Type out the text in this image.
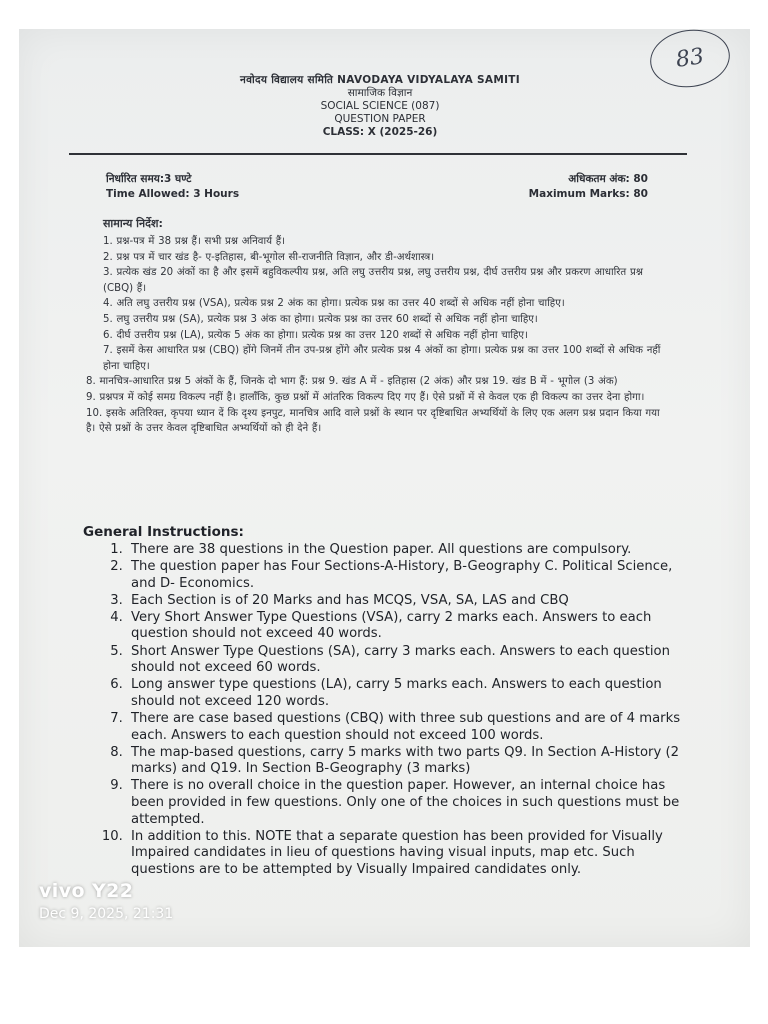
83
नवोदय विद्यालय समिति NAVODAYA VIDYALAYA SAMITI
सामाजिक विज्ञान
SOCIAL SCIENCE (087)
QUESTION PAPER
CLASS: X (2025-26)
निर्धारित समय:3 घण्टे
Time Allowed: 3 Hours
अधिकतम अंक: 80
Maximum Marks: 80
सामान्य निर्देश:
1. प्रश्न-पत्र में 38 प्रश्न हैं। सभी प्रश्न अनिवार्य हैं।
2. प्रश्न पत्र में चार खंड है- ए-इतिहास, बी-भूगोल सी-राजनीति विज्ञान, और डी-अर्थशास्त्र।
3. प्रत्येक खंड 20 अंकों का है और इसमें बहुविकल्पीय प्रश्न, अति लघु उत्तरीय प्रश्न, लघु उत्तरीय प्रश्न, दीर्घ उत्तरीय प्रश्न और प्रकरण आधारित प्रश्न (CBQ) हैं।
4. अति लघु उत्तरीय प्रश्न (VSA), प्रत्येक प्रश्न 2 अंक का होगा। प्रत्येक प्रश्न का उत्तर 40 शब्दों से अधिक नहीं होना चाहिए।
5. लघु उत्तरीय प्रश्न (SA), प्रत्येक प्रश्न 3 अंक का होगा। प्रत्येक प्रश्न का उत्तर 60 शब्दों से अधिक नहीं होना चाहिए।
6. दीर्घ उत्तरीय प्रश्न (LA), प्रत्येक 5 अंक का होगा। प्रत्येक प्रश्न का उत्तर 120 शब्दों से अधिक नहीं होना चाहिए।
7. इसमें केस आधारित प्रश्न (CBQ) होंगे जिनमें तीन उप-प्रश्न होंगे और प्रत्येक प्रश्न 4 अंकों का होगा। प्रत्येक प्रश्न का उत्तर 100 शब्दों से अधिक नहीं होना चाहिए।
8. मानचित्र-आधारित प्रश्न 5 अंकों के हैं, जिनके दो भाग हैं: प्रश्न 9. खंड A में - इतिहास (2 अंक) और प्रश्न 19. खंड B में - भूगोल (3 अंक)
9. प्रश्नपत्र में कोई समग्र विकल्प नहीं है। हालाँकि, कुछ प्रश्नों में आंतरिक विकल्प दिए गए हैं। ऐसे प्रश्नों में से केवल एक ही विकल्प का उत्तर देना होगा।
10. इसके अतिरिक्त, कृपया ध्यान दें कि दृश्य इनपुट, मानचित्र आदि वाले प्रश्नों के स्थान पर दृष्टिबाधित अभ्यर्थियों के लिए एक अलग प्रश्न प्रदान किया गया है। ऐसे प्रश्नों के उत्तर केवल दृष्टिबाधित अभ्यर्थियों को ही देने हैं।
General Instructions:
1. There are 38 questions in the Question paper. All questions are compulsory.
2. The question paper has Four Sections-A-History, B-Geography C. Political Science, and D- Economics.
3. Each Section is of 20 Marks and has MCQS, VSA, SA, LAS and CBQ
4. Very Short Answer Type Questions (VSA), carry 2 marks each. Answers to each question should not exceed 40 words.
5. Short Answer Type Questions (SA), carry 3 marks each. Answers to each question should not exceed 60 words.
6. Long answer type questions (LA), carry 5 marks each. Answers to each question should not exceed 120 words.
7. There are case based questions (CBQ) with three sub questions and are of 4 marks each. Answers to each question should not exceed 100 words.
8. The map-based questions, carry 5 marks with two parts Q9. In Section A-History (2 marks) and Q19. In Section B-Geography (3 marks)
9. There is no overall choice in the question paper. However, an internal choice has been provided in few questions. Only one of the choices in such questions must be attempted.
10. In addition to this. NOTE that a separate question has been provided for Visually Impaired candidates in lieu of questions having visual inputs, map etc. Such questions are to be attempted by Visually Impaired candidates only.
vivo Y22
Dec 9, 2025, 21:31
